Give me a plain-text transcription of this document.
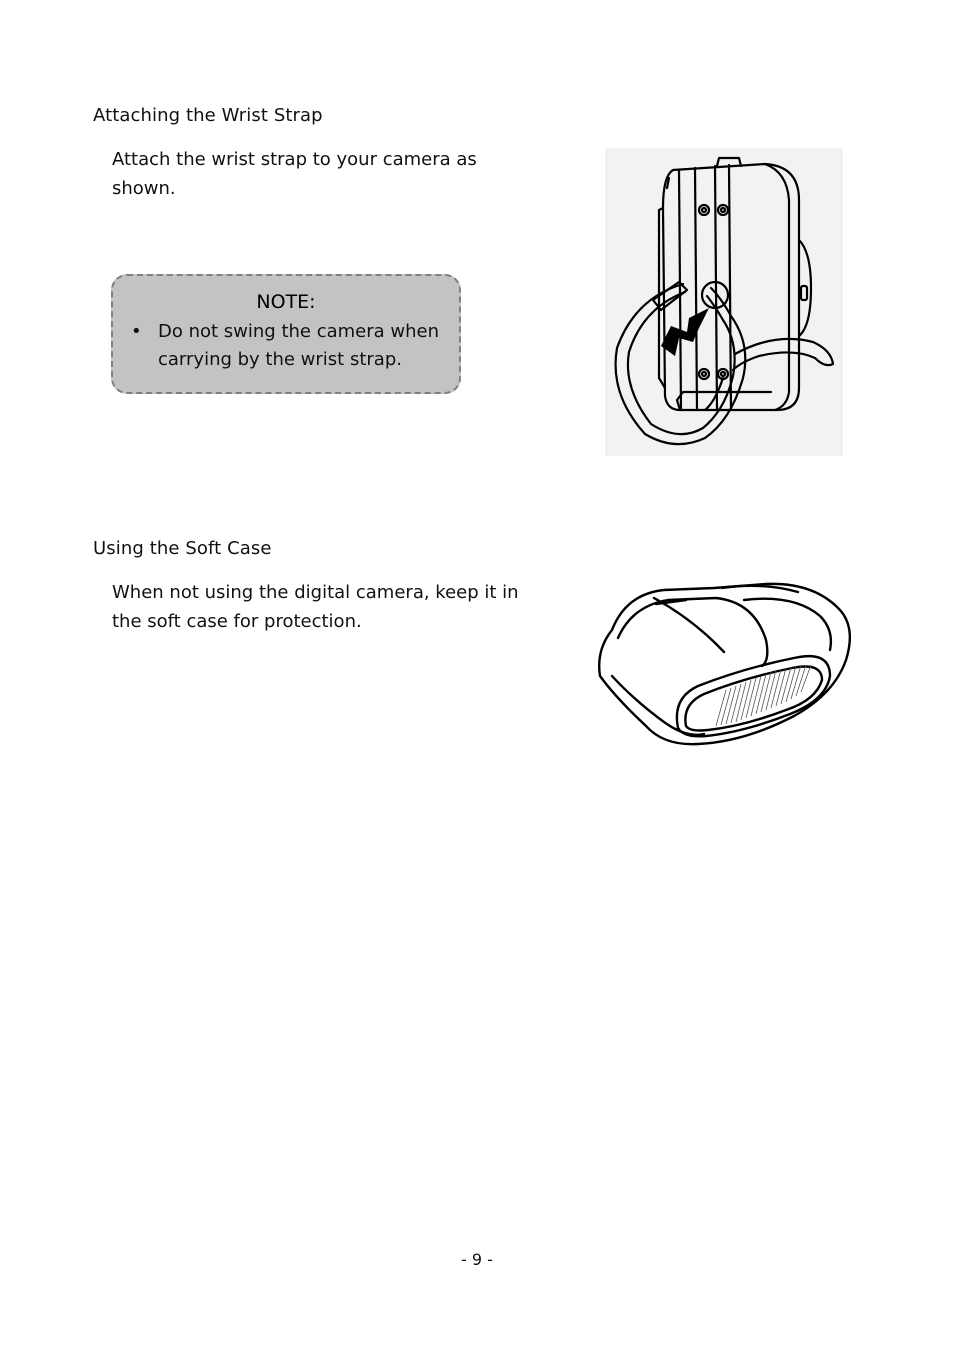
Attaching the Wrist Strap

Attach the wrist strap to your camera as
shown.

NOTE:

• Do not swing the camera when
carrying by the wrist strap.
Using the Soft Case

When not using the digital camera, keep it in
the soft case for protection.

- 9 -
